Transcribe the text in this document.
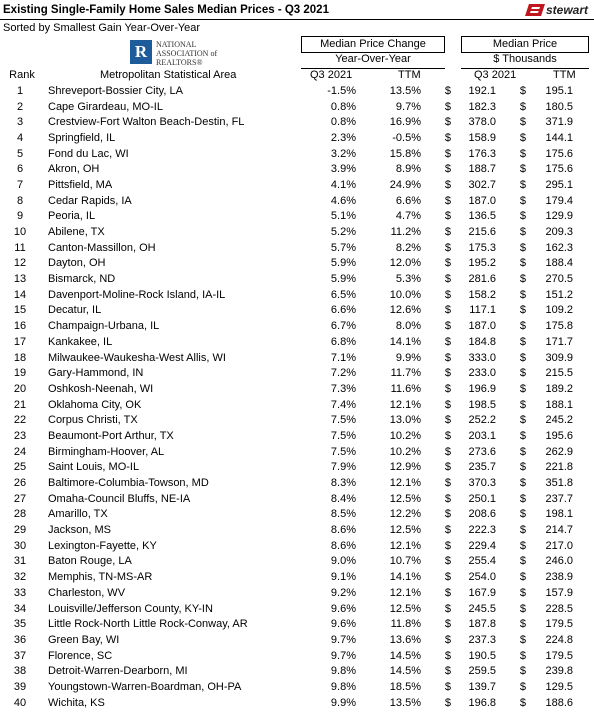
Existing Single-Family Home Sales Median Prices - Q3 2021	stewart
Sorted by Smallest Gain Year-Over-Year
R	NATIONAL
ASSOCIATION of
REALTORS®
Median Price Change	Median Price
Year-Over-Year	$ Thousands
Rank	Metropolitan Statistical Area	Q3 2021	TTM	Q3 2021	TTM
1	Shreveport-Bossier City, LA	-1.5%	13.5%	$	192.1	$	195.1
2	Cape Girardeau, MO-IL	0.8%	9.7%	$	182.3	$	180.5
3	Crestview-Fort Walton Beach-Destin, FL	0.8%	16.9%	$	378.0	$	371.9
4	Springfield, IL	2.3%	-0.5%	$	158.9	$	144.1
5	Fond du Lac, WI	3.2%	15.8%	$	176.3	$	175.6
6	Akron, OH	3.9%	8.9%	$	188.7	$	175.6
7	Pittsfield, MA	4.1%	24.9%	$	302.7	$	295.1
8	Cedar Rapids, IA	4.6%	6.6%	$	187.0	$	179.4
9	Peoria, IL	5.1%	4.7%	$	136.5	$	129.9
10	Abilene, TX	5.2%	11.2%	$	215.6	$	209.3
11	Canton-Massillon, OH	5.7%	8.2%	$	175.3	$	162.3
12	Dayton, OH	5.9%	12.0%	$	195.2	$	188.4
13	Bismarck, ND	5.9%	5.3%	$	281.6	$	270.5
14	Davenport-Moline-Rock Island, IA-IL	6.5%	10.0%	$	158.2	$	151.2
15	Decatur, IL	6.6%	12.6%	$	117.1	$	109.2
16	Champaign-Urbana, IL	6.7%	8.0%	$	187.0	$	175.8
17	Kankakee, IL	6.8%	14.1%	$	184.8	$	171.7
18	Milwaukee-Waukesha-West Allis, WI	7.1%	9.9%	$	333.0	$	309.9
19	Gary-Hammond, IN	7.2%	11.7%	$	233.0	$	215.5
20	Oshkosh-Neenah, WI	7.3%	11.6%	$	196.9	$	189.2
21	Oklahoma City, OK	7.4%	12.1%	$	198.5	$	188.1
22	Corpus Christi, TX	7.5%	13.0%	$	252.2	$	245.2
23	Beaumont-Port Arthur, TX	7.5%	10.2%	$	203.1	$	195.6
24	Birmingham-Hoover, AL	7.5%	10.2%	$	273.6	$	262.9
25	Saint Louis, MO-IL	7.9%	12.9%	$	235.7	$	221.8
26	Baltimore-Columbia-Towson, MD	8.3%	12.1%	$	370.3	$	351.8
27	Omaha-Council Bluffs, NE-IA	8.4%	12.5%	$	250.1	$	237.7
28	Amarillo, TX	8.5%	12.2%	$	208.6	$	198.1
29	Jackson, MS	8.6%	12.5%	$	222.3	$	214.7
30	Lexington-Fayette, KY	8.6%	12.1%	$	229.4	$	217.0
31	Baton Rouge, LA	9.0%	10.7%	$	255.4	$	246.0
32	Memphis, TN-MS-AR	9.1%	14.1%	$	254.0	$	238.9
33	Charleston, WV	9.2%	12.1%	$	167.9	$	157.9
34	Louisville/Jefferson County, KY-IN	9.6%	12.5%	$	245.5	$	228.5
35	Little Rock-North Little Rock-Conway, AR	9.6%	11.8%	$	187.8	$	179.5
36	Green Bay, WI	9.7%	13.6%	$	237.3	$	224.8
37	Florence, SC	9.7%	14.5%	$	190.5	$	179.5
38	Detroit-Warren-Dearborn, MI	9.8%	14.5%	$	259.5	$	239.8
39	Youngstown-Warren-Boardman, OH-PA	9.8%	18.5%	$	139.7	$	129.5
40	Wichita, KS	9.9%	13.5%	$	196.8	$	188.6
